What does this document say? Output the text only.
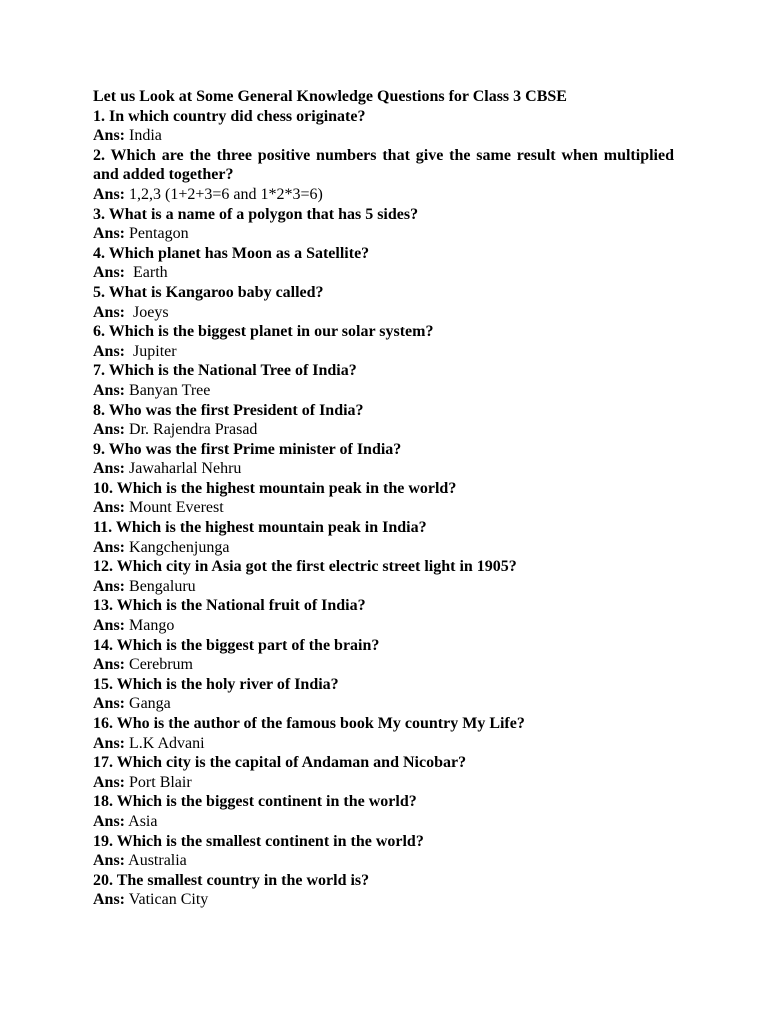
Let us Look at Some General Knowledge Questions for Class 3 CBSE
1. In which country did chess originate?
Ans: India
2. Which are the three positive numbers that give the same result when multiplied and added together?
Ans: 1,2,3 (1+2+3=6 and 1*2*3=6)
3. What is a name of a polygon that has 5 sides?
Ans: Pentagon
4. Which planet has Moon as a Satellite?
Ans:  Earth
5. What is Kangaroo baby called?
Ans:  Joeys
6. Which is the biggest planet in our solar system?
Ans:  Jupiter
7. Which is the National Tree of India?
Ans: Banyan Tree
8. Who was the first President of India?
Ans: Dr. Rajendra Prasad
9. Who was the first Prime minister of India?
Ans: Jawaharlal Nehru
10. Which is the highest mountain peak in the world?
Ans: Mount Everest
11. Which is the highest mountain peak in India?
Ans: Kangchenjunga
12. Which city in Asia got the first electric street light in 1905?
Ans: Bengaluru
13. Which is the National fruit of India?
Ans: Mango
14. Which is the biggest part of the brain?
Ans: Cerebrum
15. Which is the holy river of India?
Ans: Ganga
16. Who is the author of the famous book My country My Life?
Ans: L.K Advani
17. Which city is the capital of Andaman and Nicobar?
Ans: Port Blair
18. Which is the biggest continent in the world?
Ans: Asia
19. Which is the smallest continent in the world?
Ans: Australia
20. The smallest country in the world is?
Ans: Vatican City
